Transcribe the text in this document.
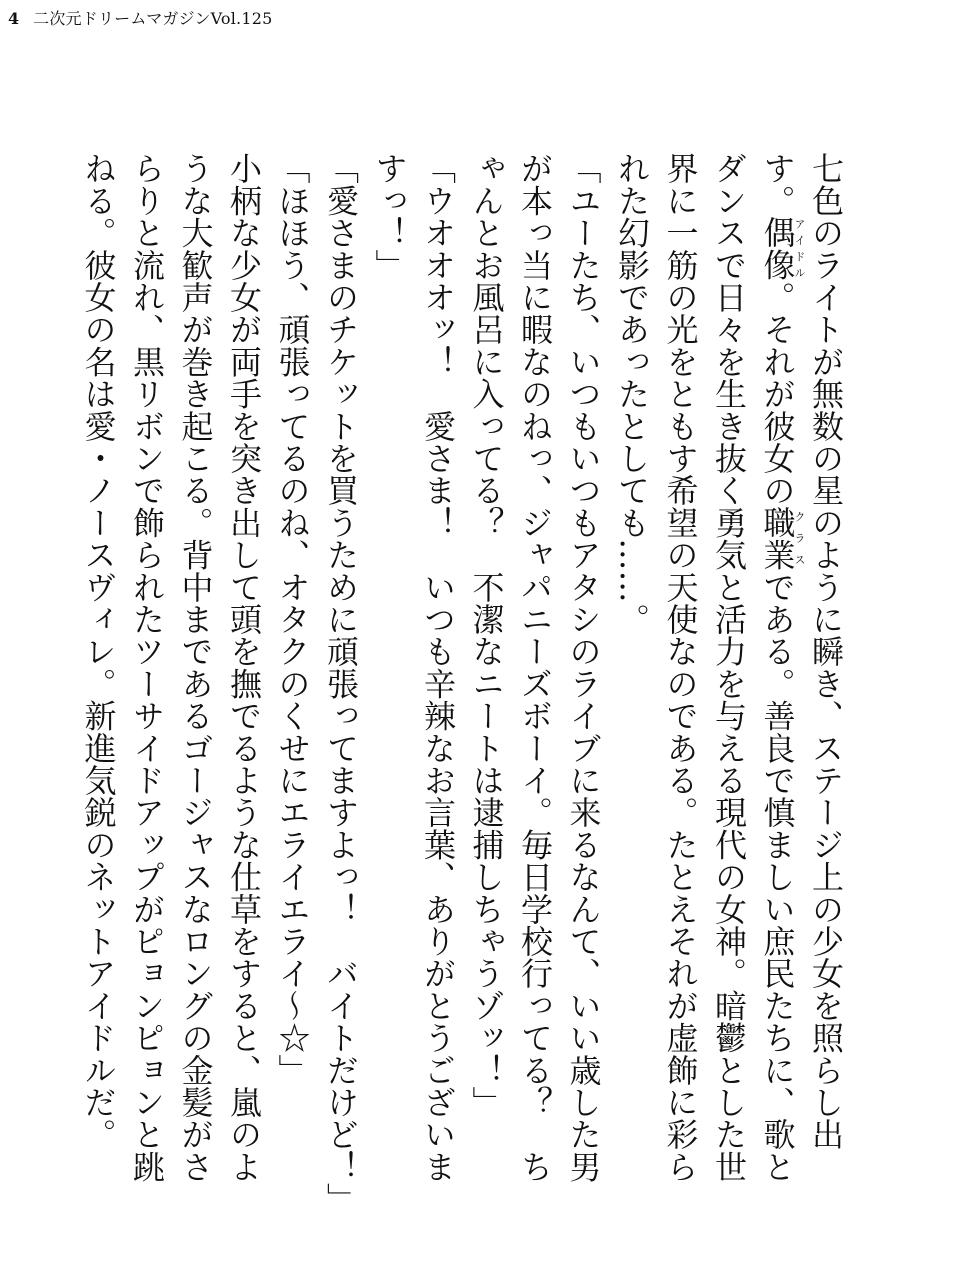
4 二次元ドリームマガジンVol.125

七色のライトが無数の星のように瞬き、ステージ上の少女を照らし出す。偶像アイドル。それが彼女の職業クラスである。善良で慎ましい庶民たちに、歌とダンスで日々を生き抜く勇気と活力を与える現代の女神。暗鬱とした世界に一筋の光をともす希望の天使なのである。たとえそれが虚飾に彩られた幻影であったとしても……。

「ユーたち、いつもいつもアタシのライブに来るなんて、いい歳した男が本っ当に暇なのねっ、ジャパニーズボーイ。毎日学校行ってる？　ちゃんとお風呂に入ってる？　不潔なニートは逮捕しちゃうゾッ！」

「ウオオオッ！　愛さま！　いつも辛辣なお言葉、ありがとうございますっ！」

「愛さまのチケットを買うために頑張ってますよっ！　バイトだけど！」

「ほほう、頑張ってるのね、オタクのくせにエライエライ～☆」

小柄な少女が両手を突き出して頭を撫でるような仕草をすると、嵐のような大歓声が巻き起こる。背中まであるゴージャスなロングの金髪がさらりと流れ、黒リボンで飾られたツーサイドアップがピョンピョンと跳ねる。彼女の名は愛・ノースヴィレ。新進気鋭のネットアイドルだ。
